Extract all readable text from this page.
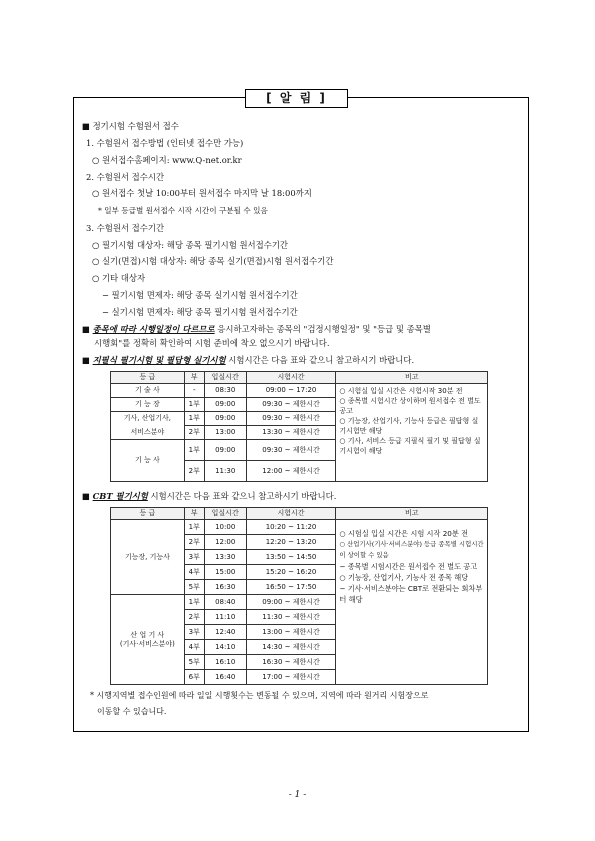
[ 알 림 ]
■ 정기시험 수험원서 접수
1. 수험원서 접수방법 (인터넷 접수만 가능)
○ 원서접수홈페이지: www.Q-net.or.kr
2. 수험원서 접수시간
○ 원서접수 첫날 10:00부터 원서접수 마지막 날 18:00까지
* 일부 등급별 원서접수 시작 시간이 구분될 수 있음
3. 수험원서 접수기간
○ 필기시험 대상자: 해당 종목 필기시험 원서접수기간
○ 실기(면접)시험 대상자: 해당 종목 실기(면접)시험 원서접수기간
○ 기타 대상자
− 필기시험 면제자: 해당 종목 실기시험 원서접수기간
− 실기시험 면제자: 해당 종목 필기시험 원서접수기간
■ 종목에 따라 시행일정이 다르므로 응시하고자하는 종목의 "검정시행일정" 및 "등급 및 종목별
시행회"를 정확히 확인하여 시험 준비에 착오 없으시기 바랍니다.
■ 지필식 필기시험 및 필답형 실기시험 시험시간은 다음 표와 같으니 참고하시기 바랍니다.
등 급	부	입실시간	시험시간	비고
기 술 사	-	08:30	09:00 ~ 17:20	○ 시험실 입실 시간은 시험시작 30분 전
○ 종목별 시험시간 상이하며 원서접수 전 별도 공고
○ 기능장, 산업기사, 기능사 등급은 필답형 실기시험만 해당
○ 기사, 서비스 등급 지필식 필기 및 필답형 실기시험이 해당

기 능 장	1부	09:00	09:30 ~ 제한시간	
기사, 산업기사,	1부	09:00	09:30 ~ 제한시간	
서비스분야	2부	13:00	13:30 ~ 제한시간	
기 능 사	1부	09:00	09:30 ~ 제한시간	
	2부	11:30	12:00 ~ 제한시간	
■ CBT 필기시험 시험시간은 다음 표와 같으니 참고하시기 바랍니다.
등 급	부	입실시간	시험시간	비고
기능장, 기능사	1부	10:00	10:20 ~ 11:20	○ 시험실 입실 시간은 시험 시작 20분 전
○ 산업기사(기사·서비스분야) 등급 종목별 시험시간이 상이할 수 있음
− 종목별 시험시간은 원서접수 전 별도 공고
○ 기능장, 산업기사, 기능사 전 종목 해당
− 기사·서비스분야는 CBT로 전환되는 회차부터 해당

	2부	12:00	12:20 ~ 13:20	
	3부	13:30	13:50 ~ 14:50	
	4부	15:00	15:20 ~ 16:20	
	5부	16:30	16:50 ~ 17:50	

산 업 기 사
(기사·서비스분야)	1부	08:40	09:00 ~ 제한시간	
	2부	11:10	11:30 ~ 제한시간	
	3부	12:40	13:00 ~ 제한시간	
	4부	14:10	14:30 ~ 제한시간	
	5부	16:10	16:30 ~ 제한시간	
	6부	16:40	17:00 ~ 제한시간	
* 시행지역별 접수인원에 따라 일일 시행횟수는 변동될 수 있으며, 지역에 따라 원거리 시험장으로
이동할 수 있습니다.
- 1 -
